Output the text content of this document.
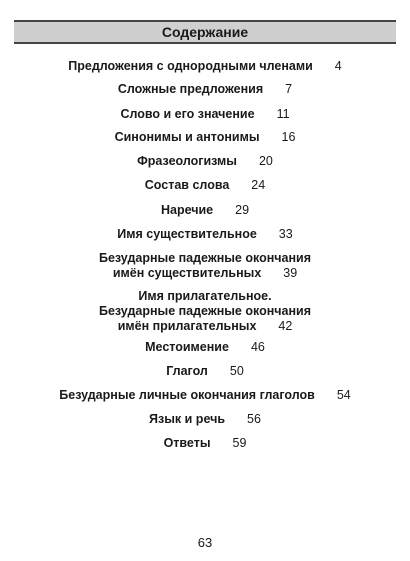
Содержание
Предложения с однородными членами 4
Сложные предложения 7
Слово и его значение 11
Синонимы и антонимы 16
Фразеологизмы 20
Состав слова 24
Наречие 29
Имя существительное 33
Безударные падежные окончания
имён существительных 39
Имя прилагательное.
Безударные падежные окончания
имён прилагательных 42
Местоимение 46
Глагол 50
Безударные личные окончания глаголов 54
Язык и речь 56
Ответы 59
63
